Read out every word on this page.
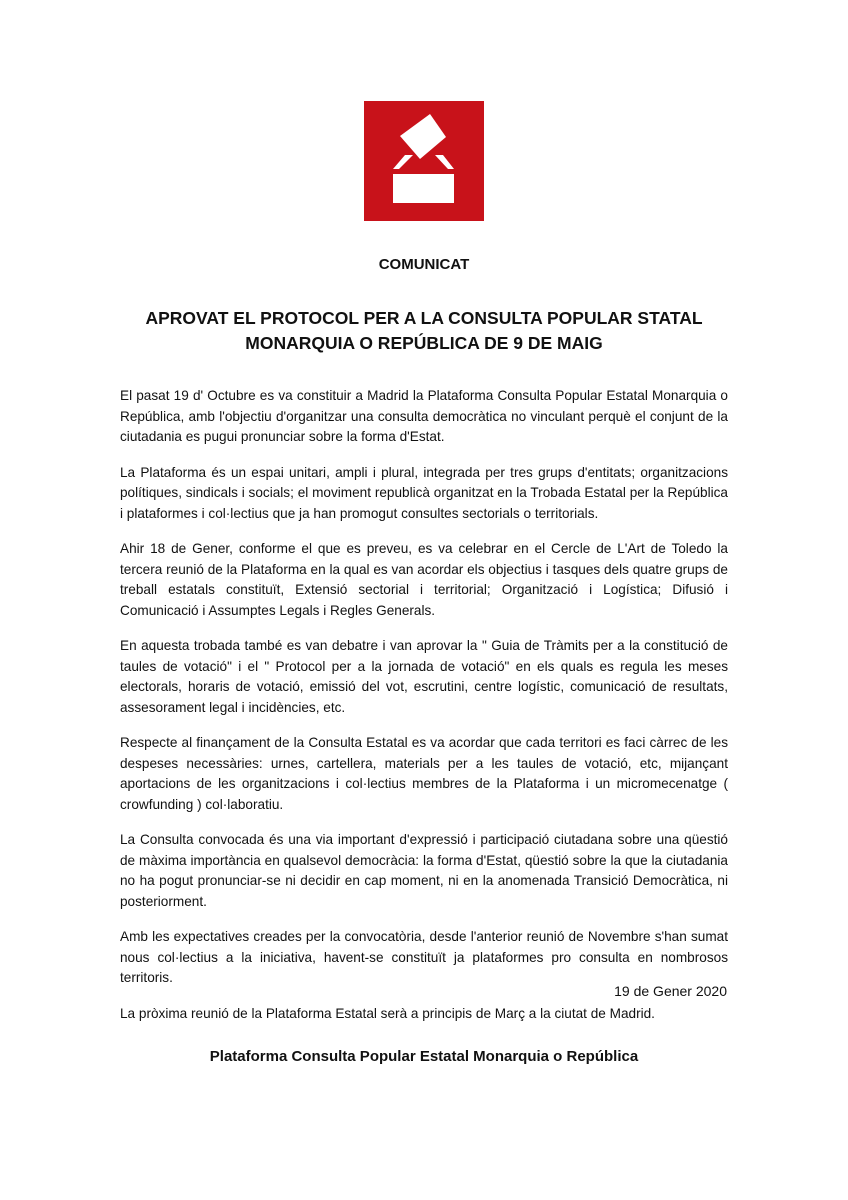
COMUNICAT
APROVAT EL PROTOCOL PER A LA CONSULTA POPULAR STATAL
MONARQUIA O REPÚBLICA DE 9 DE MAIG

El pasat 19 d' Octubre es va constituir a Madrid la Plataforma Consulta Popular Estatal Monarquia o República, amb l'objectiu d'organitzar una consulta democràtica no vinculant perquè el conjunt de la ciutadania es pugui pronunciar sobre la forma d'Estat.

La Plataforma és un espai unitari, ampli i plural, integrada per tres grups d'entitats; organitzacions polítiques, sindicals i socials; el moviment republicà organitzat en la Trobada Estatal per la República i plataformes i col·lectius que ja han promogut consultes sectorials o territorials.

Ahir 18 de Gener, conforme el que es preveu, es va celebrar en el Cercle de L'Art de Toledo la tercera reunió de la Plataforma en la qual es van acordar els objectius i tasques dels quatre grups de treball estatals constituït, Extensió sectorial i territorial; Organització i Logística; Difusió i Comunicació i Assumptes Legals i Regles Generals.

En aquesta trobada també es van debatre i van aprovar la " Guia de Tràmits per a la constitució de taules de votació" i el " Protocol per a la jornada de votació" en els quals es regula les meses electorals, horaris de votació, emissió del vot, escrutini, centre logístic, comunicació de resultats, assesorament legal i incidències, etc.

Respecte al finançament de la Consulta Estatal es va acordar que cada territori es faci càrrec de les despeses necessàries: urnes, cartellera, materials per a les taules de votació, etc, mijançant aportacions de les organitzacions i col·lectius membres de la Plataforma i un micromecenatge ( crowfunding ) col·laboratiu.

La Consulta convocada és una via important d'expressió i participació ciutadana sobre una qüestió de màxima importància en qualsevol democràcia: la forma d'Estat, qüestió sobre la que la ciutadania no ha pogut pronunciar-se ni decidir en cap moment, ni en la anomenada Transició Democràtica, ni posteriorment.

Amb les expectatives creades per la convocatòria, desde l'anterior reunió de Novembre s'han sumat nous col·lectius a la iniciativa, havent-se constituït ja plataformes pro consulta en nombrosos territoris.

La pròxima reunió de la Plataforma Estatal serà a principis de Març a la ciutat de Madrid.

19 de Gener 2020
Plataforma Consulta Popular Estatal Monarquia o República
